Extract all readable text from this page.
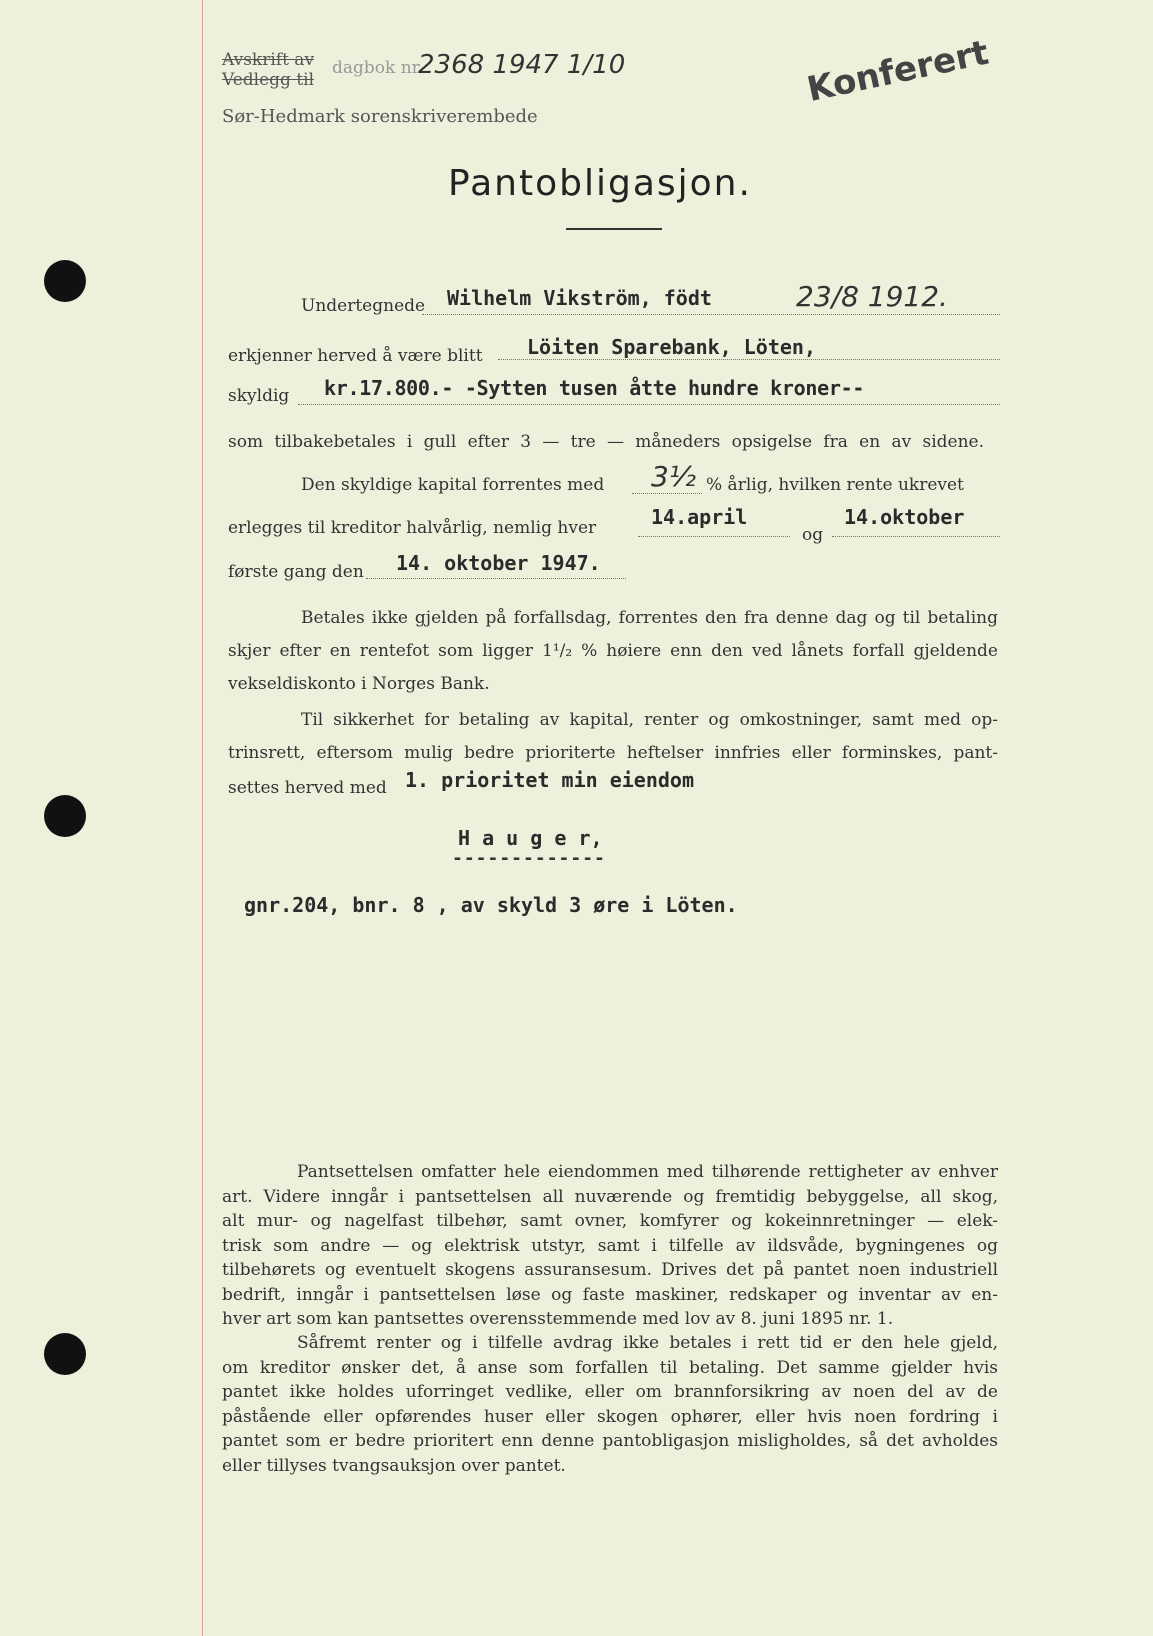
Avskrift av
Vedlegg til
dagbok nr.
2368 1947 1/10
Sør-Hedmark sorenskriverembede
Konferert
Pantobligasjon.
Undertegnede Wilhelm Vikström, födt	23/8 1912.
erkjenner herved å være blitt Löiten Sparebank, Löten,
skyldig kr.17.800.- -Sytten tusen åtte hundre kroner--
som tilbakebetales i gull efter 3 — tre — måneders opsigelse fra en av sidene.
Den skyldige kapital forrentes med 3½ % årlig, hvilken rente ukrevet
erlegges til kreditor halvårlig, nemlig hver	14.april
og
14.oktober
første gang den 14. oktober 1947.
Betales ikke gjelden på forfallsdag, forrentes den fra denne dag og til betaling
skjer efter en rentefot som ligger 1¹/₂ % høiere enn den ved lånets forfall gjeldende
vekseldiskonto i Norges Bank.
Til sikkerhet for betaling av kapital, renter og omkostninger, samt med op-
trinsrett, eftersom mulig bedre prioriterte heftelser innfries eller forminskes, pant-
settes herved med 1. prioritet min eiendom
H a u g e r,
-------------
gnr.204, bnr. 8 , av skyld 3 øre i Löten.
Pantsettelsen omfatter hele eiendommen med tilhørende rettigheter av enhver
art. Videre inngår i pantsettelsen all nuværende og fremtidig bebyggelse, all skog,
alt mur- og nagelfast tilbehør, samt ovner, komfyrer og kokeinnretninger — elek-
trisk som andre — og elektrisk utstyr, samt i tilfelle av ildsvåde, bygningenes og
tilbehørets og eventuelt skogens assuransesum. Drives det på pantet noen industriell
bedrift, inngår i pantsettelsen løse og faste maskiner, redskaper og inventar av en-
hver art som kan pantsettes overensstemmende med lov av 8. juni 1895 nr. 1.
Såfremt renter og i tilfelle avdrag ikke betales i rett tid er den hele gjeld,
om kreditor ønsker det, å anse som forfallen til betaling. Det samme gjelder hvis
pantet ikke holdes uforringet vedlike, eller om brannforsikring av noen del av de
påstående eller opførendes huser eller skogen ophører, eller hvis noen fordring i
pantet som er bedre prioritert enn denne pantobligasjon misligholdes, så det avholdes
eller tillyses tvangsauksjon over pantet.
